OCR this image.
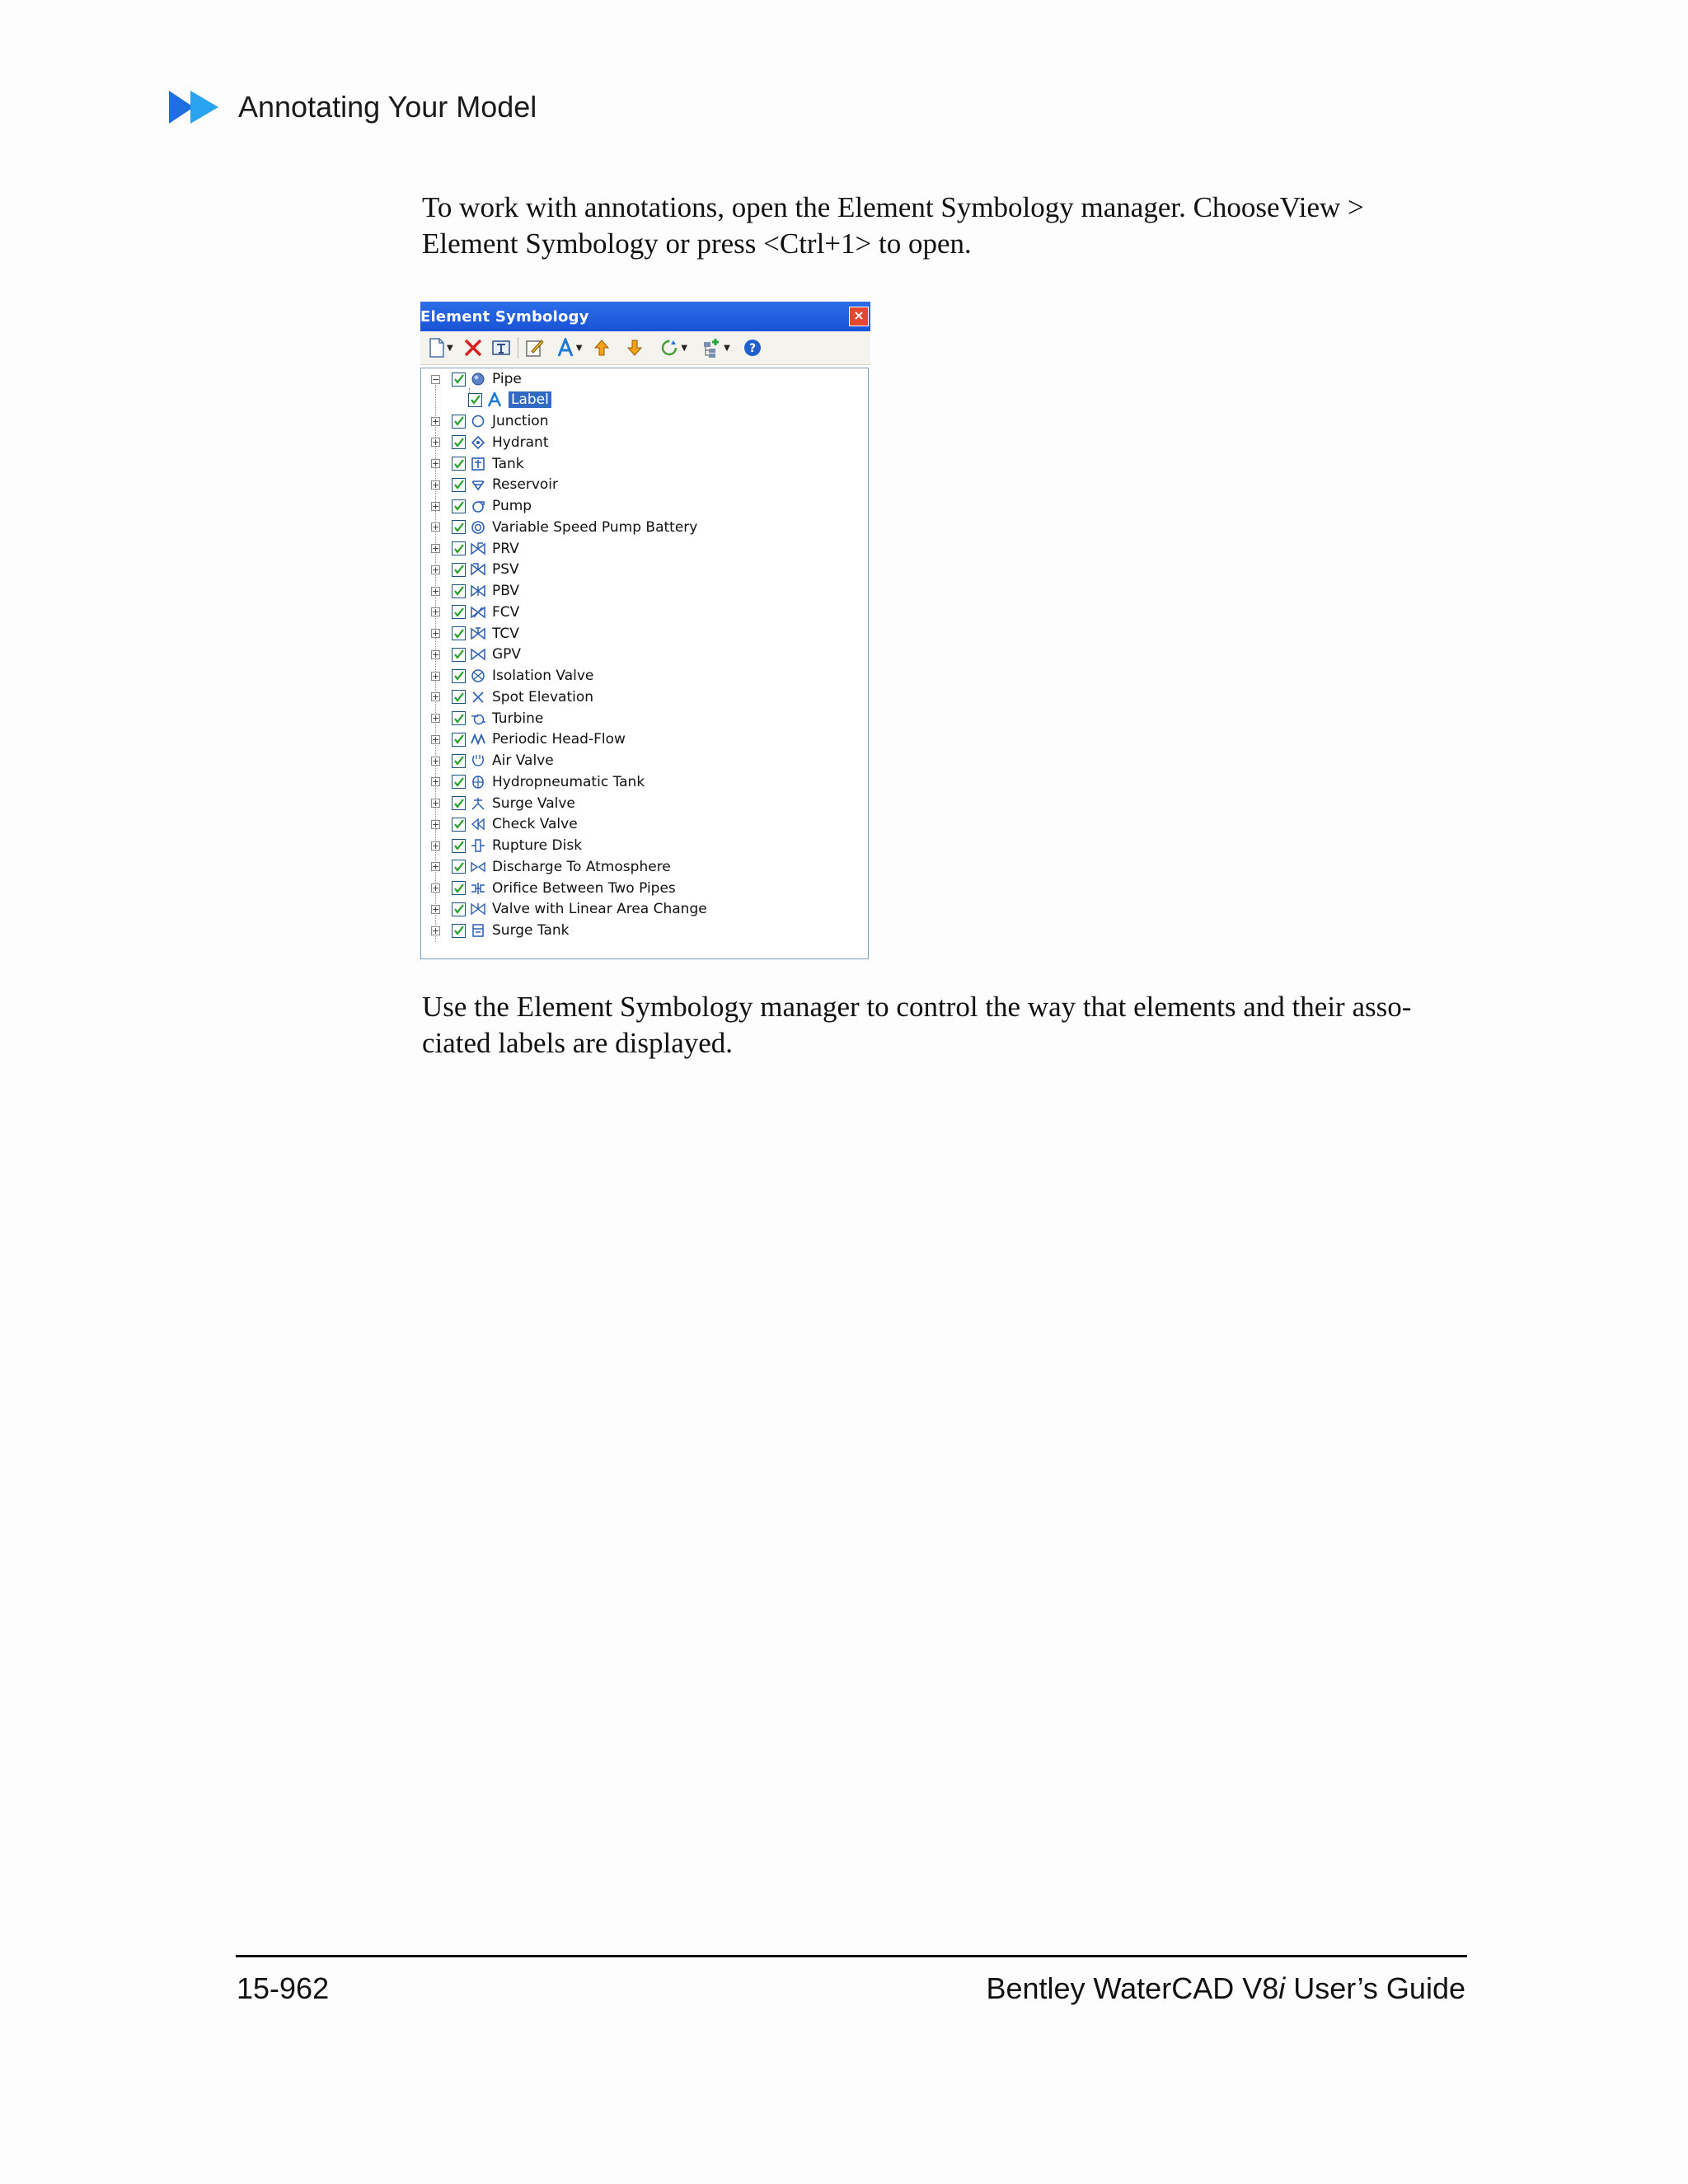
Annotating Your Model
To work with annotations, open the Element Symbology manager. ChooseView >
Element Symbology or press <Ctrl+1> to open.
Element Symbology	×
▼	▼	▼	▼ ?
−	Pipe
Label
+	Junction
+	Hydrant
+	Tank
+	Reservoir
+	Pump
+	Variable Speed Pump Battery
+	PRV
+	PSV
+	PBV
+	FCV
+	TCV
+	GPV
+	Isolation Valve
+	Spot Elevation
+	Turbine
+	Periodic Head-Flow
+	Air Valve
+	Hydropneumatic Tank
+	Surge Valve
+	Check Valve
+	Rupture Disk
+	Discharge To Atmosphere
+	Orifice Between Two Pipes
+	Valve with Linear Area Change
+	Surge Tank
Use the Element Symbology manager to control the way that elements and their asso-
ciated labels are displayed.
15-962	Bentley WaterCAD V8i User’s Guide
